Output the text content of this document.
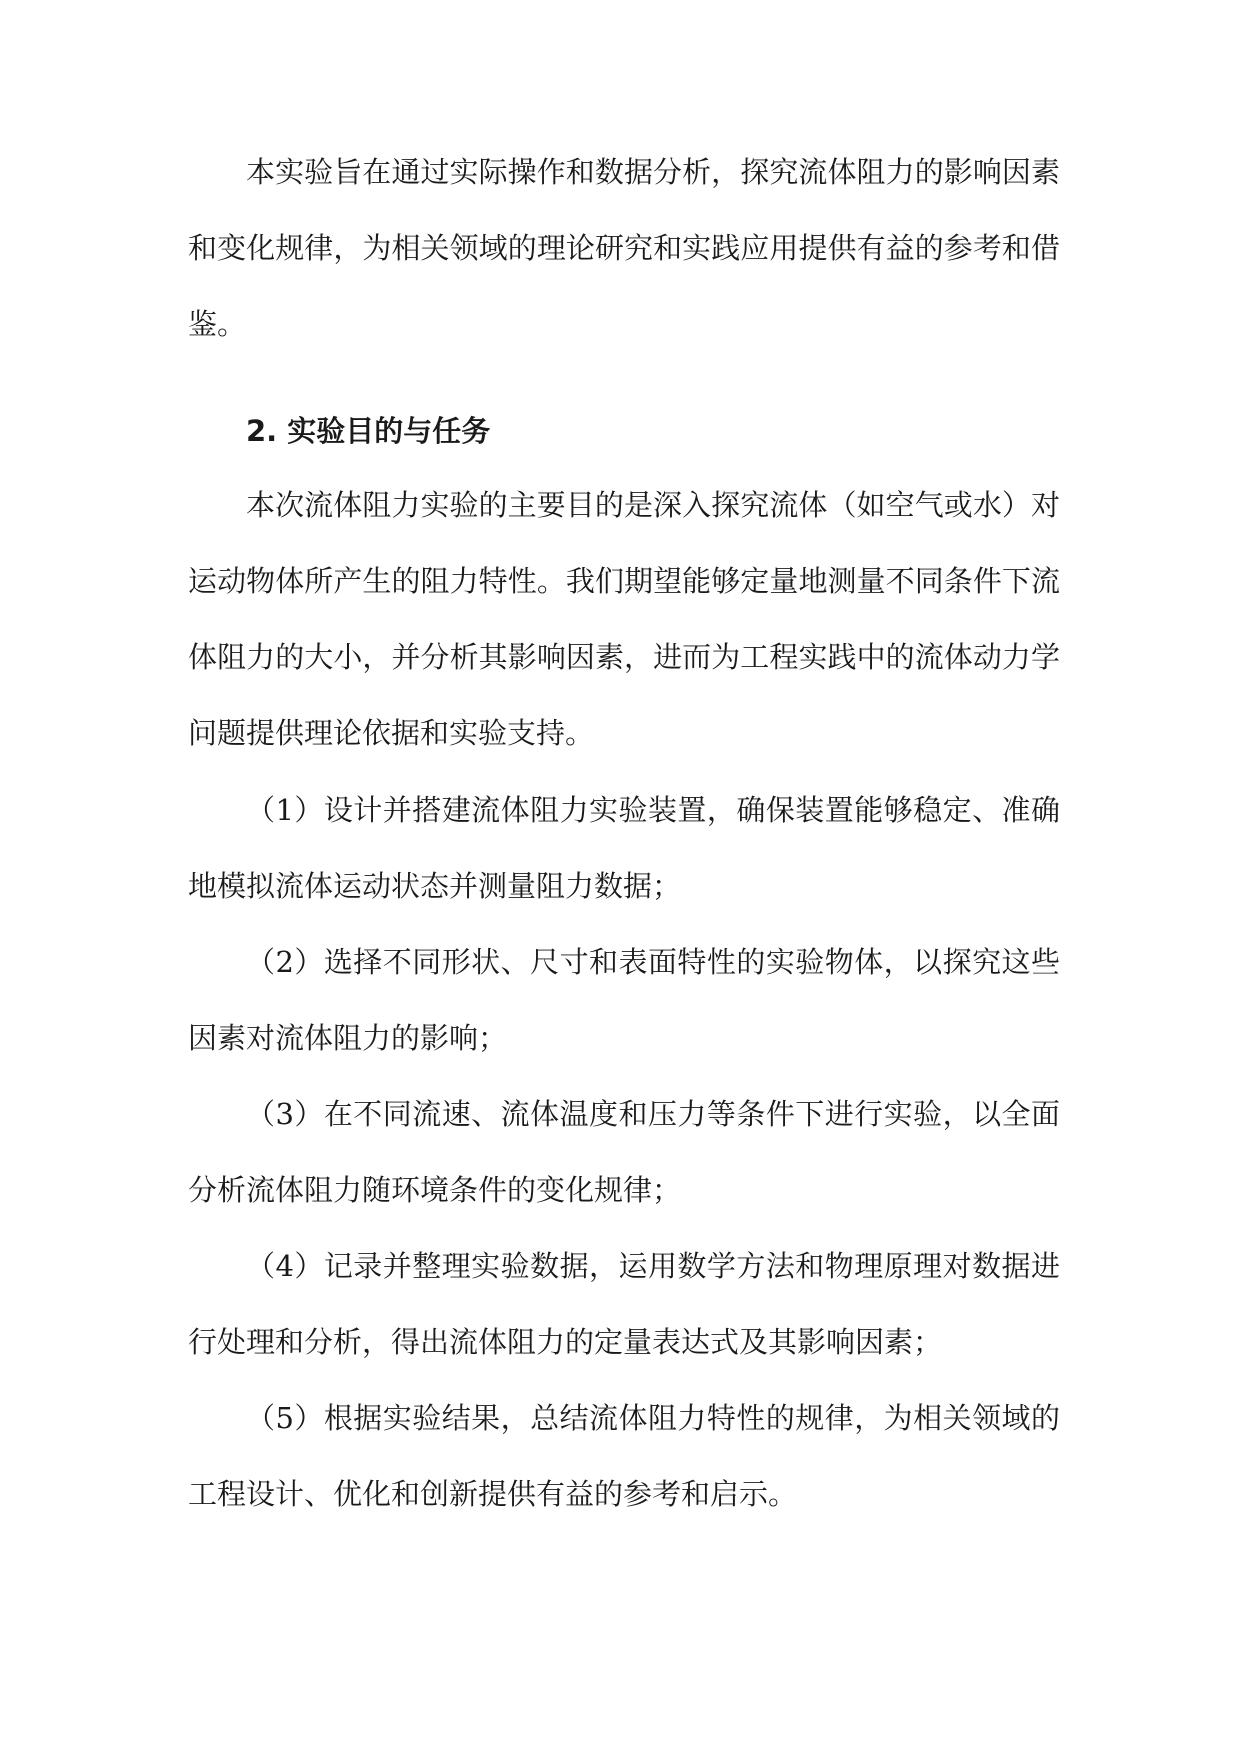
本实验旨在通过实际操作和数据分析，探究流体阻力的影响因素和变化规律，为相关领域的理论研究和实践应用提供有益的参考和借鉴。

2. 实验目的与任务

本次流体阻力实验的主要目的是深入探究流体（如空气或水）对运动物体所产生的阻力特性。我们期望能够定量地测量不同条件下流体阻力的大小，并分析其影响因素，进而为工程实践中的流体动力学问题提供理论依据和实验支持。

（1）设计并搭建流体阻力实验装置，确保装置能够稳定、准确地模拟流体运动状态并测量阻力数据；

（2）选择不同形状、尺寸和表面特性的实验物体，以探究这些因素对流体阻力的影响；

（3）在不同流速、流体温度和压力等条件下进行实验，以全面分析流体阻力随环境条件的变化规律；

（4）记录并整理实验数据，运用数学方法和物理原理对数据进行处理和分析，得出流体阻力的定量表达式及其影响因素；

（5）根据实验结果，总结流体阻力特性的规律，为相关领域的工程设计、优化和创新提供有益的参考和启示。
